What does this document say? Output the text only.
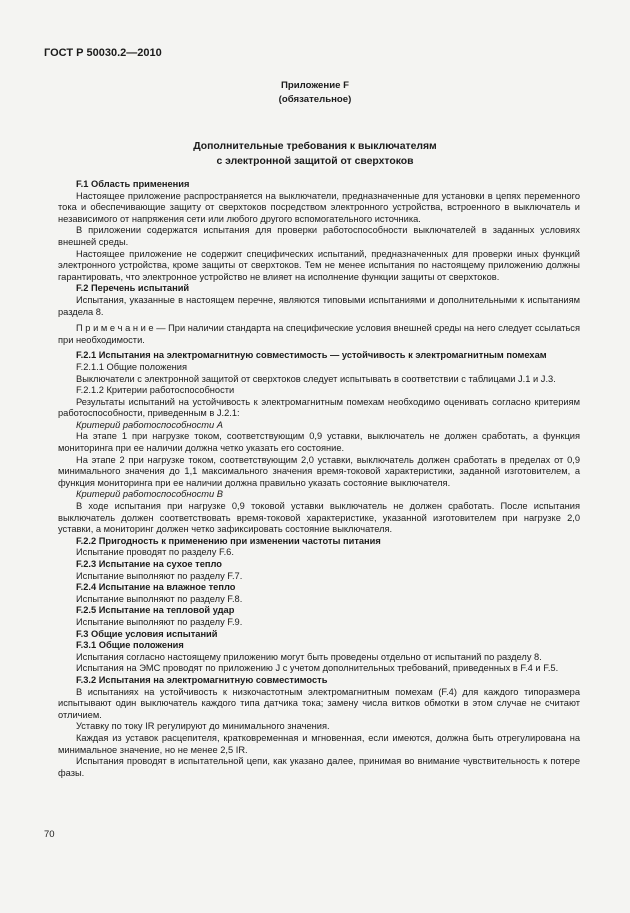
ГОСТ Р 50030.2—2010
Приложение F
(обязательное)
Дополнительные требования к выключателям
с электронной защитой от сверхтоков

F.1 Область применения

Настоящее приложение распространяется на выключатели, предназначенные для установки в цепях переменного тока и обеспечивающие защиту от сверхтоков посредством электронного устройства, встроенного в выключатель и независимого от напряжения сети или любого другого вспомогательного источника.

В приложении содержатся испытания для проверки работоспособности выключателей в заданных условиях внешней среды.

Настоящее приложение не содержит специфических испытаний, предназначенных для проверки иных функций электронного устройства, кроме защиты от сверхтоков. Тем не менее испытания по настоящему приложению должны гарантировать, что электронное устройство не влияет на исполнение функции защиты от сверхтоков.

F.2 Перечень испытаний

Испытания, указанные в настоящем перечне, являются типовыми испытаниями и дополнительными к испытаниям раздела 8.

П р и м е ч а н и е — При наличии стандарта на специфические условия внешней среды на него следует ссылаться при необходимости.

F.2.1 Испытания на электромагнитную совместимость — устойчивость к электромагнитным помехам

F.2.1.1 Общие положения

Выключатели с электронной защитой от сверхтоков следует испытывать в соответствии с таблицами J.1 и J.3.

F.2.1.2 Критерии работоспособности

Результаты испытаний на устойчивость к электромагнитным помехам необходимо оценивать согласно критериям работоспособности, приведенным в J.2.1:

Критерий работоспособности A

На этапе 1 при нагрузке током, соответствующим 0,9 уставки, выключатель не должен сработать, а функция мониторинга при ее наличии должна четко указать его состояние.

На этапе 2 при нагрузке током, соответствующим 2,0 уставки, выключатель должен сработать в пределах от 0,9 минимального значения до 1,1 максимального значения время-токовой характеристики, заданной изготовителем, а функция мониторинга при ее наличии должна правильно указать состояние выключателя.

Критерий работоспособности B

В ходе испытания при нагрузке 0,9 токовой уставки выключатель не должен сработать. После испытания выключатель должен соответствовать время-токовой характеристике, указанной изготовителем при нагрузке 2,0 уставки, а мониторинг должен четко зафиксировать состояние выключателя.

F.2.2 Пригодность к применению при изменении частоты питания

Испытание проводят по разделу F.6.

F.2.3 Испытание на сухое тепло

Испытание выполняют по разделу F.7.

F.2.4 Испытание на влажное тепло

Испытание выполняют по разделу F.8.

F.2.5 Испытание на тепловой удар

Испытание выполняют по разделу F.9.

F.3 Общие условия испытаний

F.3.1 Общие положения

Испытания согласно настоящему приложению могут быть проведены отдельно от испытаний по разделу 8.

Испытания на ЭМС проводят по приложению J с учетом дополнительных требований, приведенных в F.4 и F.5.

F.3.2 Испытания на электромагнитную совместимость

В испытаниях на устойчивость к низкочастотным электромагнитным помехам (F.4) для каждого типоразмера испытывают один выключатель каждого типа датчика тока; замену числа витков обмотки в этом случае не считают отличием.

Уставку по току IR регулируют до минимального значения.

Каждая из уставок расцепителя, кратковременная и мгновенная, если имеются, должна быть отрегулирована на минимальное значение, но не менее 2,5 IR.

Испытания проводят в испытательной цепи, как указано далее, принимая во внимание чувствительность к потере фазы.

70
